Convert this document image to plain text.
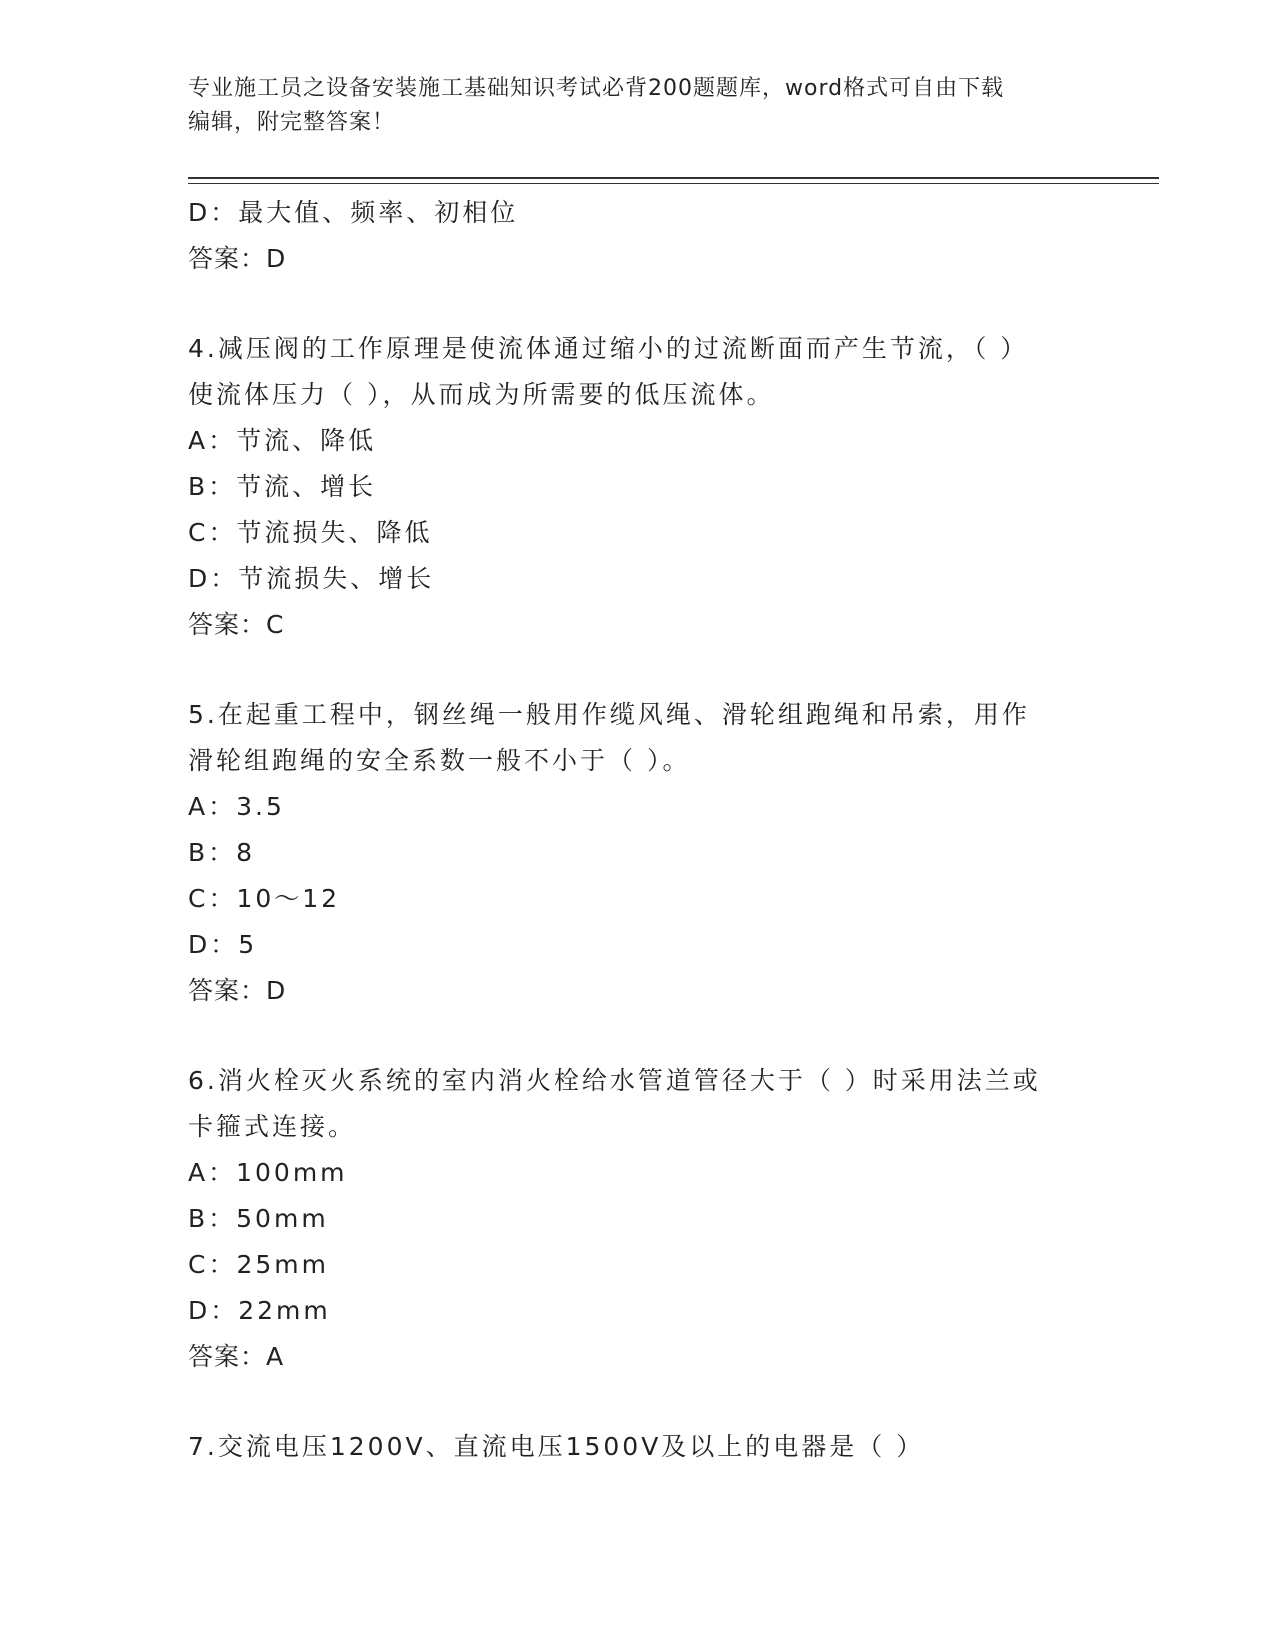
专业施工员之设备安装施工基础知识考试必背200题题库，word格式可自由下载
编辑，附完整答案！
D：最大值、频率、初相位
答案：D
4.减压阀的工作原理是使流体通过缩小的过流断面而产生节流，（ ）
使流体压力（ ），从而成为所需要的低压流体。
A：节流、降低
B：节流、增长
C：节流损失、降低
D：节流损失、增长
答案：C
5.在起重工程中，钢丝绳一般用作缆风绳、滑轮组跑绳和吊索，用作
滑轮组跑绳的安全系数一般不小于（ ）。
A：3.5
B：8
C：10～12
D：5
答案：D
6.消火栓灭火系统的室内消火栓给水管道管径大于（ ）时采用法兰或
卡箍式连接。
A：100mm
B：50mm
C：25mm
D：22mm
答案：A
7.交流电压1200V、直流电压1500V及以上的电器是（ ）
